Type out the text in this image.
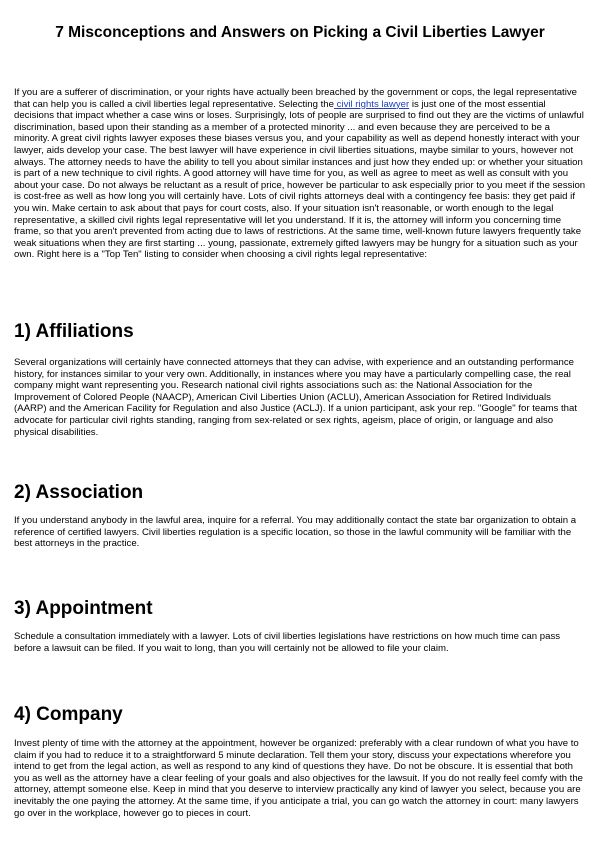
7 Misconceptions and Answers on Picking a Civil Liberties Lawyer

If you are a sufferer of discrimination, or your rights have actually been breached by the government or cops, the legal representative that can help you is called a civil liberties legal representative. Selecting the civil rights lawyer is just one of the most essential decisions that impact whether a case wins or loses. Surprisingly, lots of people are surprised to find out they are the victims of unlawful discrimination, based upon their standing as a member of a protected minority ... and even because they are perceived to be a minority. A great civil rights lawyer exposes these biases versus you, and your capability as well as depend honestly interact with your lawyer, aids develop your case. The best lawyer will have experience in civil liberties situations, maybe similar to yours, however not always. The attorney needs to have the ability to tell you about similar instances and just how they ended up: or whether your situation is part of a new technique to civil rights. A good attorney will have time for you, as well as agree to meet as well as consult with you about your case. Do not always be reluctant as a result of price, however be particular to ask especially prior to you meet if the session is cost-free as well as how long you will certainly have. Lots of civil rights attorneys deal with a contingency fee basis: they get paid if you win. Make certain to ask about that pays for court costs, also. If your situation isn't reasonable, or worth enough to the legal representative, a skilled civil rights legal representative will let you understand. If it is, the attorney will inform you concerning time frame, so that you aren't prevented from acting due to laws of restrictions. At the same time, well-known future lawyers frequently take weak situations when they are first starting ... young, passionate, extremely gifted lawyers may be hungry for a situation such as your own. Right here is a "Top Ten" listing to consider when choosing a civil rights legal representative:

1) Affiliations

Several organizations will certainly have connected attorneys that they can advise, with experience and an outstanding performance history, for instances similar to your very own. Additionally, in instances where you may have a particularly compelling case, the real company might want representing you. Research national civil rights associations such as: the National Association for the Improvement of Colored People (NAACP), American Civil Liberties Union (ACLU), American Association for Retired Individuals (AARP) and the American Facility for Regulation and also Justice (ACLJ). If a union participant, ask your rep. "Google" for teams that advocate for particular civil rights standing, ranging from sex-related or sex rights, ageism, place of origin, or language and also physical disabilities.

2) Association

If you understand anybody in the lawful area, inquire for a referral. You may additionally contact the state bar organization to obtain a reference of certified lawyers. Civil liberties regulation is a specific location, so those in the lawful community will be familiar with the best attorneys in the practice.

3) Appointment

Schedule a consultation immediately with a lawyer. Lots of civil liberties legislations have restrictions on how much time can pass before a lawsuit can be filed. If you wait to long, than you will certainly not be allowed to file your claim.

4) Company

Invest plenty of time with the attorney at the appointment, however be organized: preferably with a clear rundown of what you have to claim if you had to reduce it to a straightforward 5 minute declaration. Tell them your story, discuss your expectations wherefore you intend to get from the legal action, as well as respond to any kind of questions they have. Do not be obscure. It is essential that both you as well as the attorney have a clear feeling of your goals and also objectives for the lawsuit. If you do not really feel comfy with the attorney, attempt someone else. Keep in mind that you deserve to interview practically any kind of lawyer you select, because you are inevitably the one paying the attorney. At the same time, if you anticipate a trial, you can go watch the attorney in court: many lawyers go over in the workplace, however go to pieces in court.
